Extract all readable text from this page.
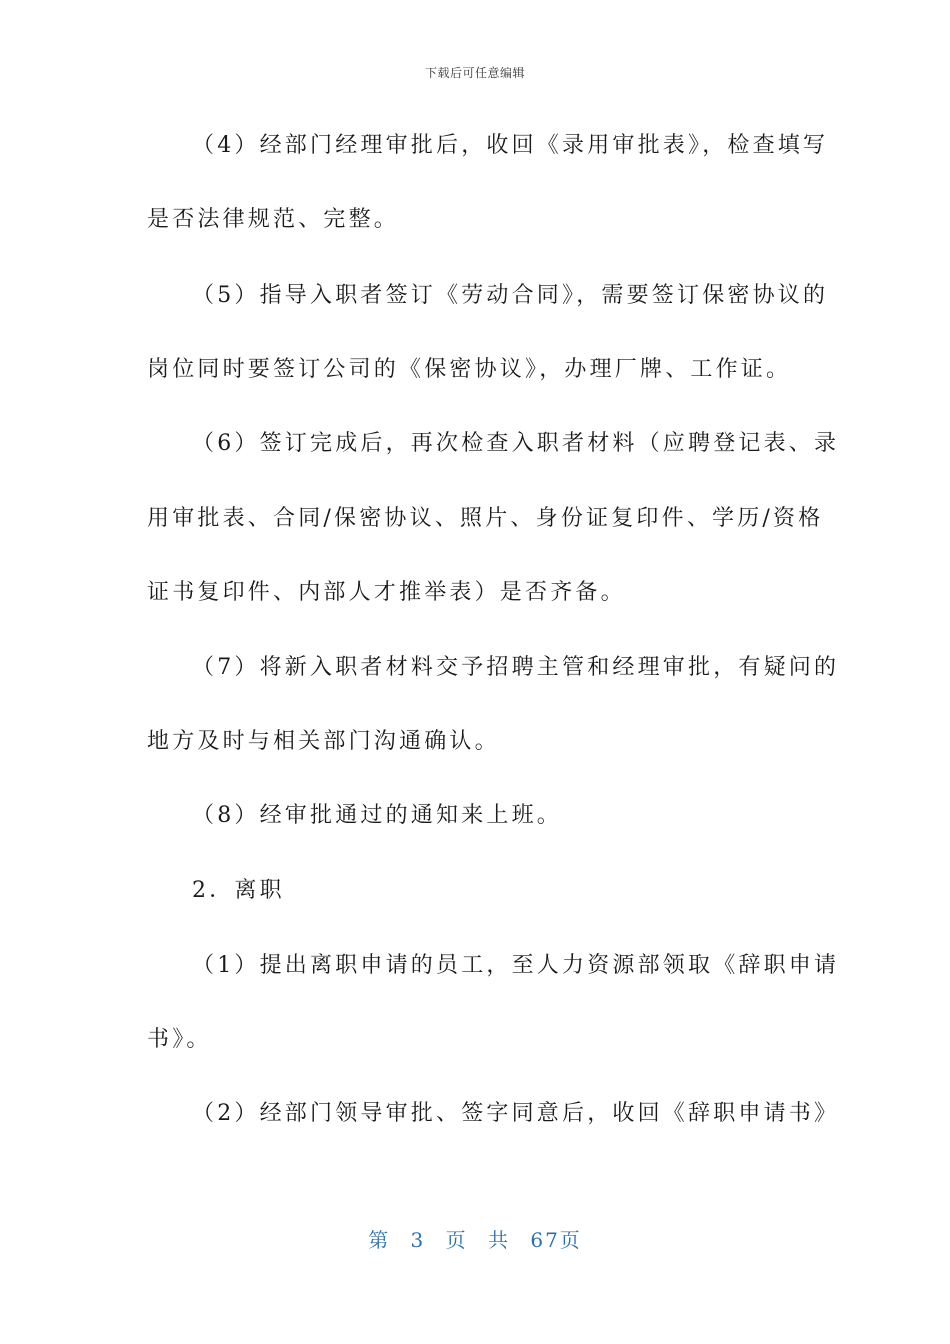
下载后可任意编辑
（4）经部门经理审批后，收回《录用审批表》，检查填写
是否法律规范、完整。
（5）指导入职者签订《劳动合同》，需要签订保密协议的
岗位同时要签订公司的《保密协议》，办理厂牌、工作证。
（6）签订完成后，再次检查入职者材料（应聘登记表、录
用审批表、合同/保密协议、照片、身份证复印件、学历/资格
证书复印件、内部人才推举表）是否齐备。
（7）将新入职者材料交予招聘主管和经理审批，有疑问的
地方及时与相关部门沟通确认。
（8）经审批通过的通知来上班。
2．离职
（1）提出离职申请的员工，至人力资源部领取《辞职申请
书》。
（2）经部门领导审批、签字同意后，收回《辞职申请书》
第 3 页 共 67页
